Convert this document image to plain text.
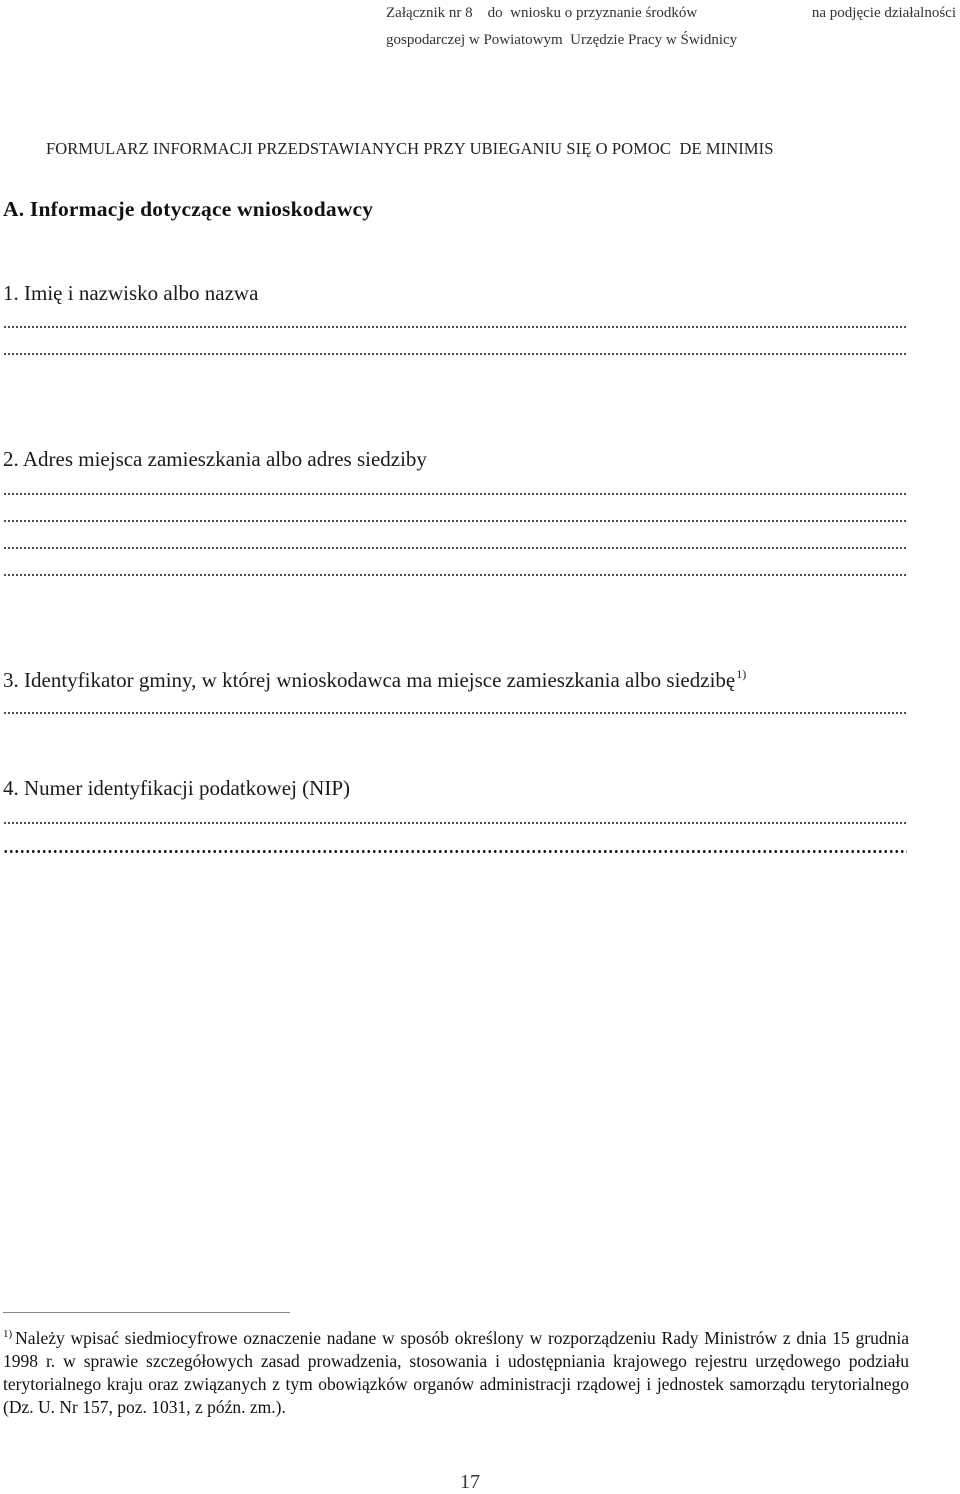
Załącznik nr 8    do  wniosku o przyznanie środków	na podjęcie działalności
gospodarczej w Powiatowym  Urzędzie Pracy w Świdnicy
FORMULARZ INFORMACJI PRZEDSTAWIANYCH PRZY UBIEGANIU SIĘ O POMOC  DE MINIMIS
A. Informacje dotyczące wnioskodawcy
1. Imię i nazwisko albo nazwa
2. Adres miejsca zamieszkania albo adres siedziby
3. Identyfikator gminy, w której wnioskodawca ma miejsce zamieszkania albo siedzibę$^{1)}$
4. Numer identyfikacji podatkowej (NIP)
$^{1)}$ Należy wpisać siedmiocyfrowe oznaczenie nadane w sposób określony w rozporządzeniu Rady Ministrów z dnia 15 grudnia 1998 r. w sprawie szczegółowych zasad prowadzenia, stosowania i udostępniania krajowego rejestru urzędowego podziału terytorialnego kraju oraz związanych z tym obowiązków organów administracji rządowej i jednostek samorządu terytorialnego (Dz. U. Nr 157, poz. 1031, z późn. zm.).
17
